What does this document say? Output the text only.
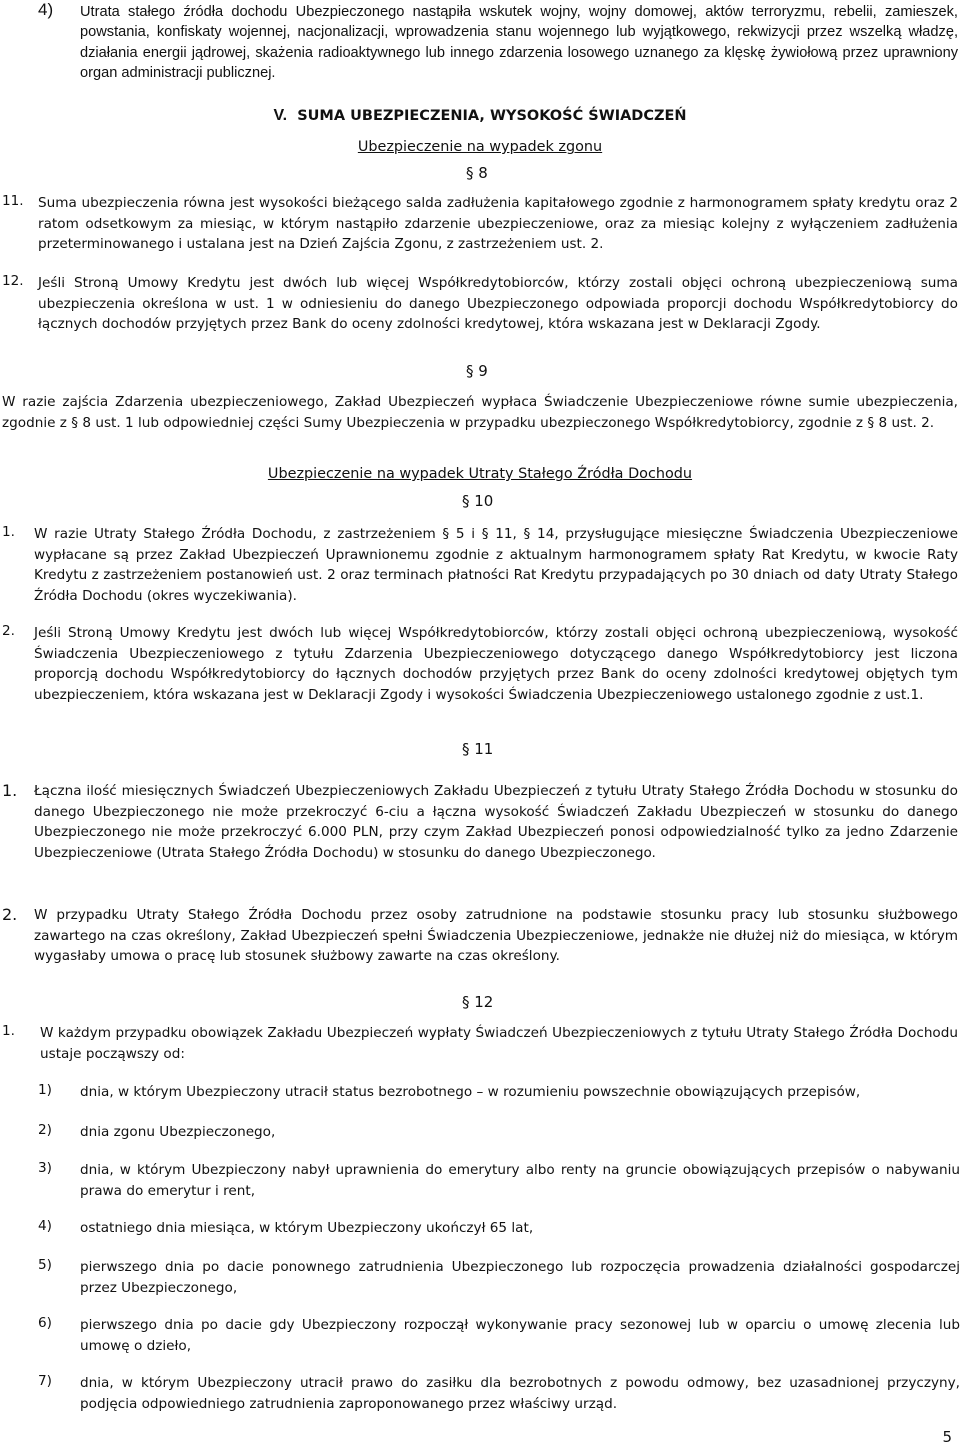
4) Utrata stałego źródła dochodu Ubezpieczonego nastąpiła wskutek wojny, wojny domowej, aktów terroryzmu, rebelii, zamieszek, powstania, konfiskaty wojennej, nacjonalizacji, wprowadzenia stanu wojennego lub wyjątkowego, rekwizycji przez wszelką władzę, działania energii jądrowej, skażenia radioaktywnego lub innego zdarzenia losowego uznanego za klęskę żywiołową przez uprawniony organ administracji publicznej.
V. SUMA UBEZPIECZENIA, WYSOKOŚĆ ŚWIADCZEŃ
Ubezpieczenie na wypadek zgonu
§ 8
11. Suma ubezpieczenia równa jest wysokości bieżącego salda zadłużenia kapitałowego zgodnie z harmonogramem spłaty kredytu oraz 2 ratom odsetkowym za miesiąc, w którym nastąpiło zdarzenie ubezpieczeniowe, oraz za miesiąc kolejny z wyłączeniem zadłużenia przeterminowanego i ustalana jest na Dzień Zajścia Zgonu, z zastrzeżeniem ust. 2.
12. Jeśli Stroną Umowy Kredytu jest dwóch lub więcej Współkredytobiorców, którzy zostali objęci ochroną ubezpieczeniową suma ubezpieczenia określona w ust. 1 w odniesieniu do danego Ubezpieczonego odpowiada proporcji dochodu Współkredytobiorcy do łącznych dochodów przyjętych przez Bank do oceny zdolności kredytowej, która wskazana jest w Deklaracji Zgody.
§ 9
W razie zajścia Zdarzenia ubezpieczeniowego, Zakład Ubezpieczeń wypłaca Świadczenie Ubezpieczeniowe równe sumie ubezpieczenia, zgodnie z § 8 ust. 1 lub odpowiedniej części Sumy Ubezpieczenia w przypadku ubezpieczonego Współkredytobiorcy, zgodnie z § 8 ust. 2.
Ubezpieczenie na wypadek Utraty Stałego Źródła Dochodu
§ 10
1. W razie Utraty Stałego Źródła Dochodu, z zastrzeżeniem § 5 i § 11, § 14, przysługujące miesięczne Świadczenia Ubezpieczeniowe wypłacane są przez Zakład Ubezpieczeń Uprawnionemu zgodnie z aktualnym harmonogramem spłaty Rat Kredytu, w kwocie Raty Kredytu z zastrzeżeniem postanowień ust. 2 oraz terminach płatności Rat Kredytu przypadających po 30 dniach od daty Utraty Stałego Źródła Dochodu (okres wyczekiwania).
2. Jeśli Stroną Umowy Kredytu jest dwóch lub więcej Współkredytobiorców, którzy zostali objęci ochroną ubezpieczeniową, wysokość Świadczenia Ubezpieczeniowego z tytułu Zdarzenia Ubezpieczeniowego dotyczącego danego Współkredytobiorcy jest liczona proporcją dochodu Współkredytobiorcy do łącznych dochodów przyjętych przez Bank do oceny zdolności kredytowej objętych tym ubezpieczeniem, która wskazana jest w Deklaracji Zgody i wysokości Świadczenia Ubezpieczeniowego ustalonego zgodnie z ust.1.
§ 11
1. Łączna ilość miesięcznych Świadczeń Ubezpieczeniowych Zakładu Ubezpieczeń z tytułu Utraty Stałego Źródła Dochodu w stosunku do danego Ubezpieczonego nie może przekroczyć 6-ciu a łączna wysokość Świadczeń Zakładu Ubezpieczeń w stosunku do danego Ubezpieczonego nie może przekroczyć 6.000 PLN, przy czym Zakład Ubezpieczeń ponosi odpowiedzialność tylko za jedno Zdarzenie Ubezpieczeniowe (Utrata Stałego Źródła Dochodu) w stosunku do danego Ubezpieczonego.
2. W przypadku Utraty Stałego Źródła Dochodu przez osoby zatrudnione na podstawie stosunku pracy lub stosunku służbowego zawartego na czas określony, Zakład Ubezpieczeń spełni Świadczenia Ubezpieczeniowe, jednakże nie dłużej niż do miesiąca, w którym wygasłaby umowa o pracę lub stosunek służbowy zawarte na czas określony.
§ 12
1. W każdym przypadku obowiązek Zakładu Ubezpieczeń wypłaty Świadczeń Ubezpieczeniowych z tytułu Utraty Stałego Źródła Dochodu ustaje począwszy od:
1) dnia, w którym Ubezpieczony utracił status bezrobotnego – w rozumieniu powszechnie obowiązujących przepisów,
2) dnia zgonu Ubezpieczonego,
3) dnia, w którym Ubezpieczony nabył uprawnienia do emerytury albo renty na gruncie obowiązujących przepisów o nabywaniu prawa do emerytur i rent,
4) ostatniego dnia miesiąca, w którym Ubezpieczony ukończył 65 lat,
5) pierwszego dnia po dacie ponownego zatrudnienia Ubezpieczonego lub rozpoczęcia prowadzenia działalności gospodarczej przez Ubezpieczonego,
6) pierwszego dnia po dacie gdy Ubezpieczony rozpoczął wykonywanie pracy sezonowej lub w oparciu o umowę zlecenia lub umowę o dzieło,
7) dnia, w którym Ubezpieczony utracił prawo do zasiłku dla bezrobotnych z powodu odmowy, bez uzasadnionej przyczyny, podjęcia odpowiedniego zatrudnienia zaproponowanego przez właściwy urząd.
5
